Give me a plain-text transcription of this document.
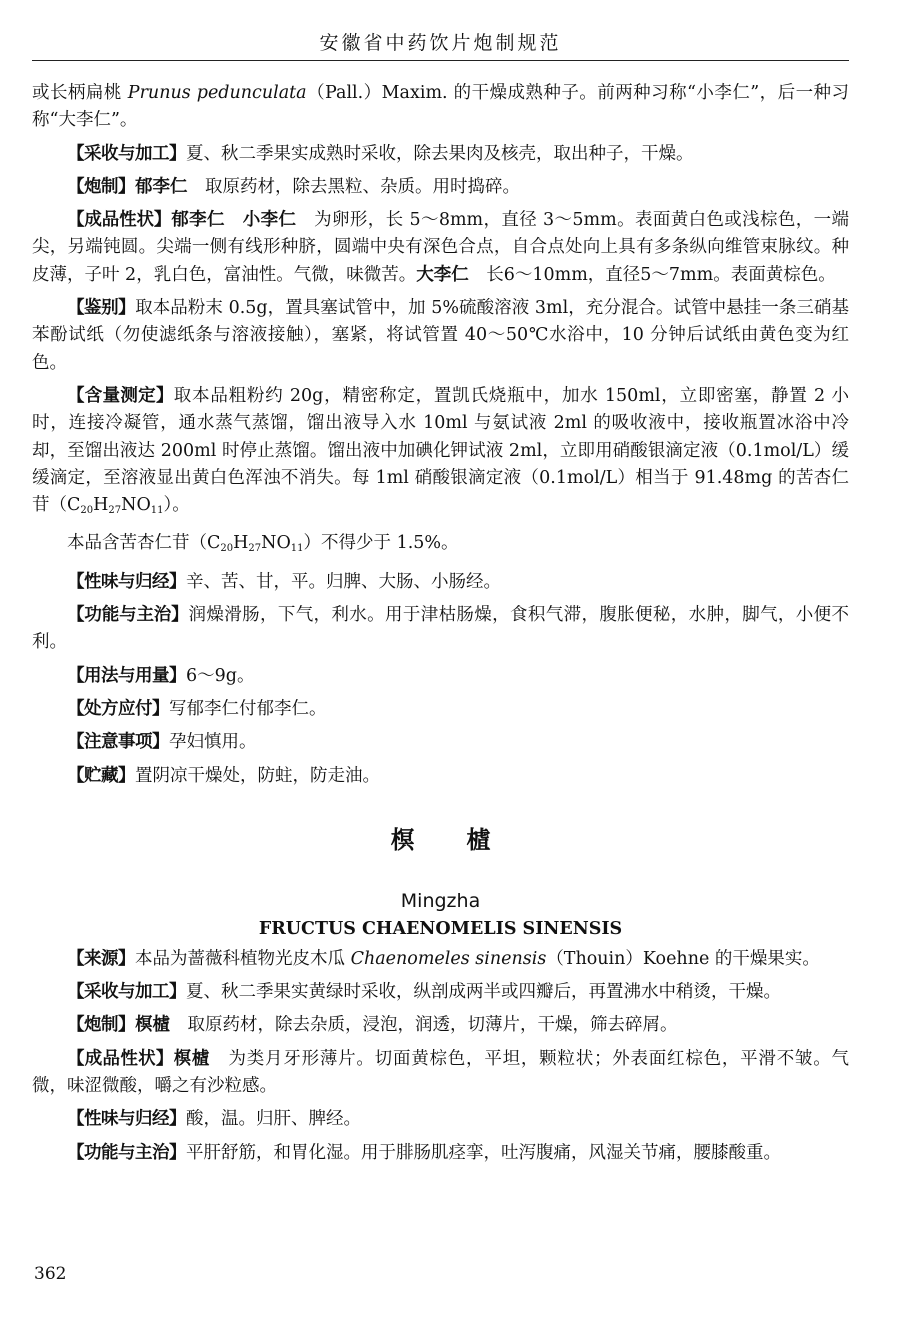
安徽省中药饮片炮制规范

或长柄扁桃 Prunus pedunculata（Pall.）Maxim. 的干燥成熟种子。前两种习称“小李仁”，后一种习称“大李仁”。

【采收与加工】夏、秋二季果实成熟时采收，除去果肉及核壳，取出种子，干燥。

【炮制】郁李仁　取原药材，除去黑粒、杂质。用时捣碎。

【成品性状】郁李仁　 小李仁　为卵形，长 5～8mm，直径 3～5mm。表面黄白色或浅棕色，一端尖，另端钝圆。尖端一侧有线形种脐，圆端中央有深色合点，自合点处向上具有多条纵向维管束脉纹。种皮薄，子叶 2，乳白色，富油性。气微，味微苦。大李仁　长6～10mm，直径5～7mm。表面黄棕色。

【鉴别】取本品粉末 0.5g，置具塞试管中，加 5%硫酸溶液 3ml，充分混合。试管中悬挂一条三硝基苯酚试纸（勿使滤纸条与溶液接触），塞紧，将试管置 40～50℃水浴中，10 分钟后试纸由黄色变为红色。

【含量测定】取本品粗粉约 20g，精密称定，置凯氏烧瓶中，加水 150ml，立即密塞，静置 2 小时，连接冷凝管，通水蒸气蒸馏，馏出液导入水 10ml 与氨试液 2ml 的吸收液中，接收瓶置冰浴中冷却，至馏出液达 200ml 时停止蒸馏。馏出液中加碘化钾试液 2ml，立即用硝酸银滴定液（0.1mol/L）缓缓滴定，至溶液显出黄白色浑浊不消失。每 1ml 硝酸银滴定液（0.1mol/L）相当于 91.48mg 的苦杏仁苷$(C_{20}H_{27}NO_{11})$。

本品含苦杏仁苷$(C_{20}H_{27}NO_{11})$不得少于 1.5%。

【性味与归经】辛、苦、甘，平。归脾、大肠、小肠经。

【功能与主治】润燥滑肠，下气，利水。用于津枯肠燥，食积气滞，腹胀便秘，水肿，脚气，小便不利。

【用法与用量】6～9g。

【处方应付】写郁李仁付郁李仁。

【注意事项】孕妇慎用。

【贮藏】置阴凉干燥处，防蛀，防走油。

榠樝
Mingzha
FRUCTUS CHAENOMELIS SINENSIS

【来源】本品为蔷薇科植物光皮木瓜 Chaenomeles sinensis（Thouin）Koehne 的干燥果实。

【采收与加工】夏、秋二季果实黄绿时采收，纵剖成两半或四瓣后，再置沸水中稍烫，干燥。

【炮制】榠樝　取原药材，除去杂质，浸泡，润透，切薄片，干燥，筛去碎屑。

【成品性状】榠樝　为类月牙形薄片。切面黄棕色，平坦，颗粒状；外表面红棕色，平滑不皱。气微，味涩微酸，嚼之有沙粒感。

【性味与归经】酸，温。归肝、脾经。

【功能与主治】平肝舒筋，和胃化湿。用于腓肠肌痉挛，吐泻腹痛，风湿关节痛，腰膝酸重。

362
